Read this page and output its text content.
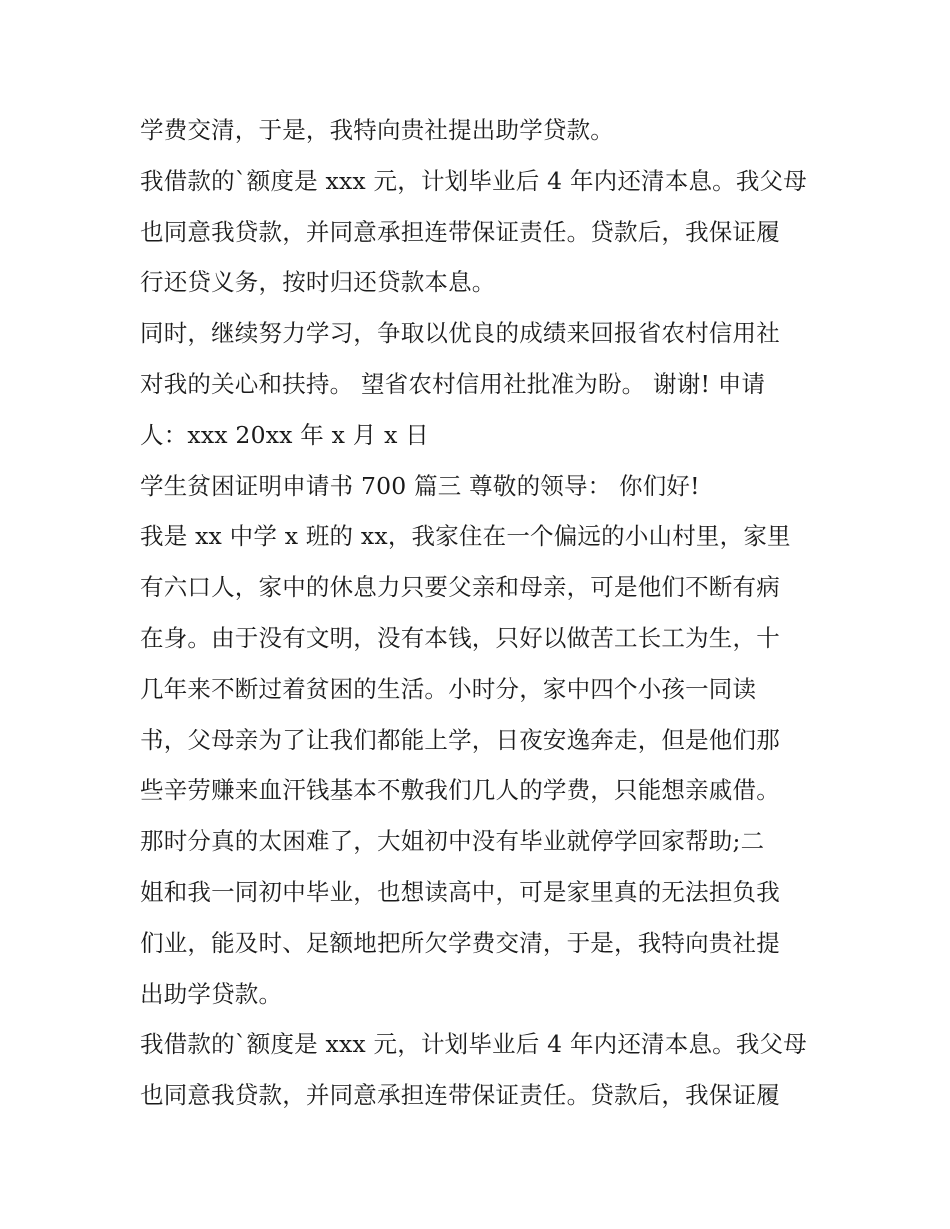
学费交清，于是，我特向贵社提出助学贷款。
我借款的`额度是 xxx 元，计划毕业后 4 年内还清本息。我父母
也同意我贷款，并同意承担连带保证责任。贷款后，我保证履
行还贷义务，按时归还贷款本息。
同时，继续努力学习，争取以优良的成绩来回报省农村信用社
对我的关心和扶持。 望省农村信用社批准为盼。 谢谢! 申请
人：xxx 20xx 年 x 月 x 日
学生贫困证明申请书 700 篇三 尊敬的领导： 你们好!
我是 xx 中学 x 班的 xx，我家住在一个偏远的小山村里，家里
有六口人，家中的休息力只要父亲和母亲，可是他们不断有病
在身。由于没有文明，没有本钱，只好以做苦工长工为生，十
几年来不断过着贫困的生活。小时分，家中四个小孩一同读
书，父母亲为了让我们都能上学，日夜安逸奔走，但是他们那
些辛劳赚来血汗钱基本不敷我们几人的学费，只能想亲戚借。
那时分真的太困难了，大姐初中没有毕业就停学回家帮助;二
姐和我一同初中毕业，也想读高中，可是家里真的无法担负我
们业，能及时、足额地把所欠学费交清，于是，我特向贵社提
出助学贷款。
我借款的`额度是 xxx 元，计划毕业后 4 年内还清本息。我父母
也同意我贷款，并同意承担连带保证责任。贷款后，我保证履
